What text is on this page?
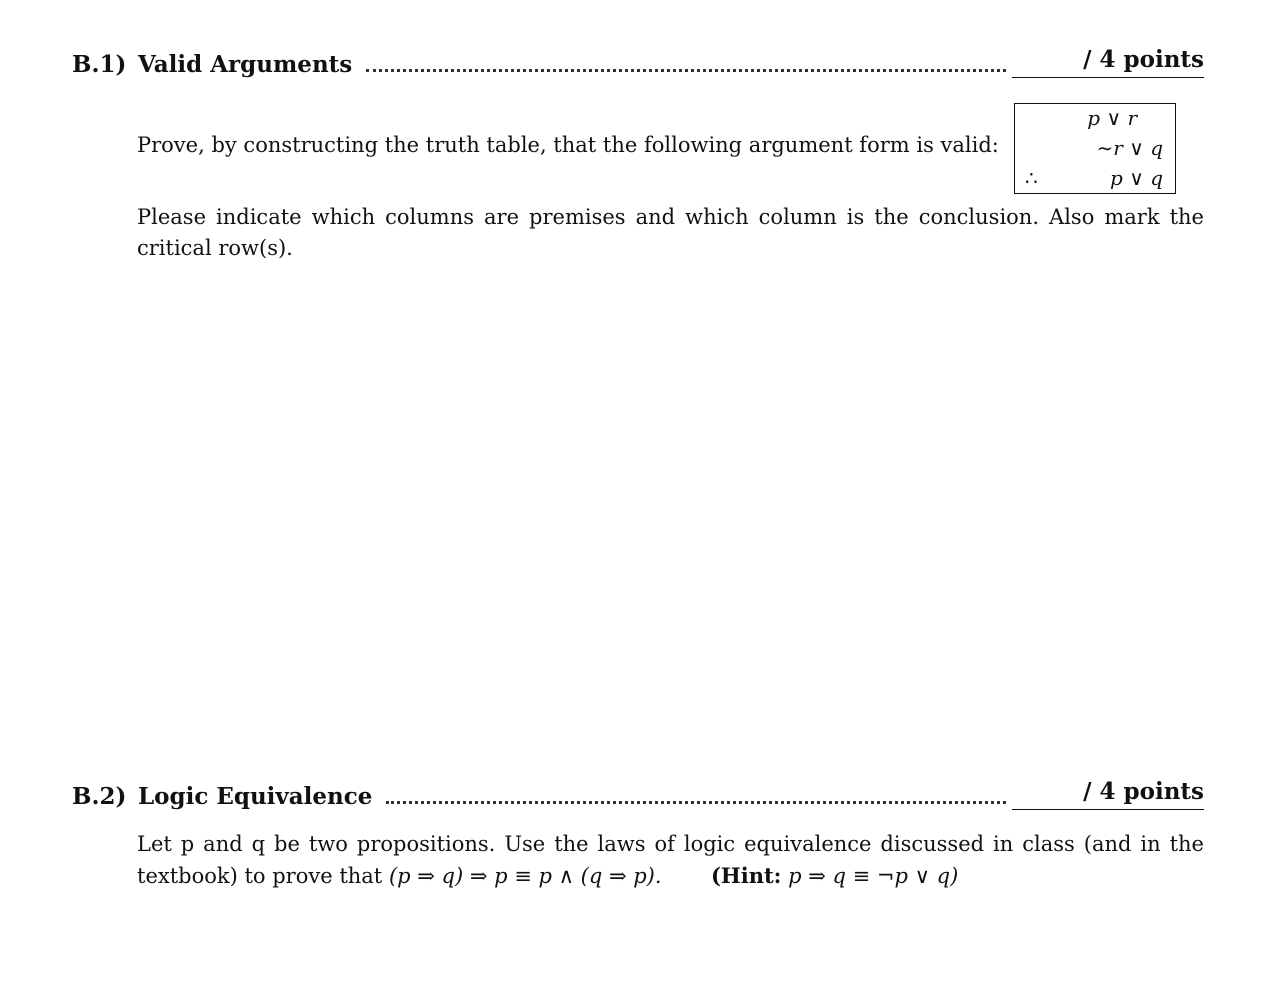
B.1) Valid Arguments	/ 4 points
Prove, by constructing the truth table, that the following argument form is valid:
p ∨ r
∼r ∨ q
∴	p ∨ q
Please indicate which columns are premises and which column is the conclusion. Also mark the critical row(s).
B.2) Logic Equivalence	/ 4 points
Let p and q be two propositions. Use the laws of logic equivalence discussed in class (and in the
textbook) to prove that (p ⇒ q) ⇒ p ≡ p ∧ (q ⇒ p). (Hint: p ⇒ q ≡ ¬p ∨ q)
